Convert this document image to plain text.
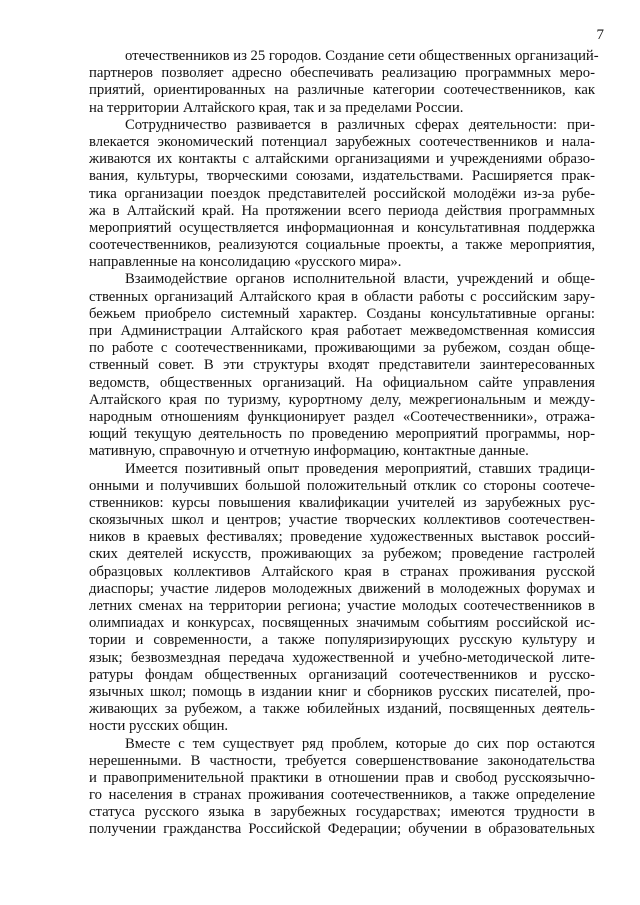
7
отечественников из 25 городов. Создание сети общественных организаций-
партнеров позволяет адресно обеспечивать реализацию программных меро-
приятий, ориентированных на различные категории соотечественников, как
на территории Алтайского края, так и за пределами России.
Сотрудничество развивается в различных сферах деятельности: при-
влекается экономический потенциал зарубежных соотечественников и нала-
живаются их контакты с алтайскими организациями и учреждениями образо-
вания, культуры, творческими союзами, издательствами. Расширяется прак-
тика организации поездок представителей российской молодёжи из-за рубе-
жа в Алтайский край. На протяжении всего периода действия программных
мероприятий осуществляется информационная и консультативная поддержка
соотечественников, реализуются социальные проекты, а также мероприятия,
направленные на консолидацию «русского мира».
Взаимодействие органов исполнительной власти, учреждений и обще-
ственных организаций Алтайского края в области работы с российским зару-
бежьем приобрело системный характер. Созданы консультативные органы:
при Администрации Алтайского края работает межведомственная комиссия
по работе с соотечественниками, проживающими за рубежом, создан обще-
ственный совет. В эти структуры входят представители заинтересованных
ведомств, общественных организаций. На официальном сайте управления
Алтайского края по туризму, курортному делу, межрегиональным и между-
народным отношениям функционирует раздел «Соотечественники», отража-
ющий текущую деятельность по проведению мероприятий программы, нор-
мативную, справочную и отчетную информацию, контактные данные.
Имеется позитивный опыт проведения мероприятий, ставших традици-
онными и получивших большой положительный отклик со стороны соотече-
ственников: курсы повышения квалификации учителей из зарубежных рус-
скоязычных школ и центров; участие творческих коллективов соотечествен-
ников в краевых фестивалях; проведение художественных выставок россий-
ских деятелей искусств, проживающих за рубежом; проведение гастролей
образцовых коллективов Алтайского края в странах проживания русской
диаспоры; участие лидеров молодежных движений в молодежных форумах и
летних сменах на территории региона; участие молодых соотечественников в
олимпиадах и конкурсах, посвященных значимым событиям российской ис-
тории и современности, а также популяризирующих русскую культуру и
язык; безвозмездная передача художественной и учебно-методической лите-
ратуры фондам общественных организаций соотечественников и русско-
язычных школ; помощь в издании книг и сборников русских писателей, про-
живающих за рубежом, а также юбилейных изданий, посвященных деятель-
ности русских общин.
Вместе с тем существует ряд проблем, которые до сих пор остаются
нерешенными. В частности, требуется совершенствование законодательства
и правоприменительной практики в отношении прав и свобод русскоязычно-
го населения в странах проживания соотечественников, а также определение
статуса русского языка в зарубежных государствах; имеются трудности в
получении гражданства Российской Федерации; обучении в образовательных
